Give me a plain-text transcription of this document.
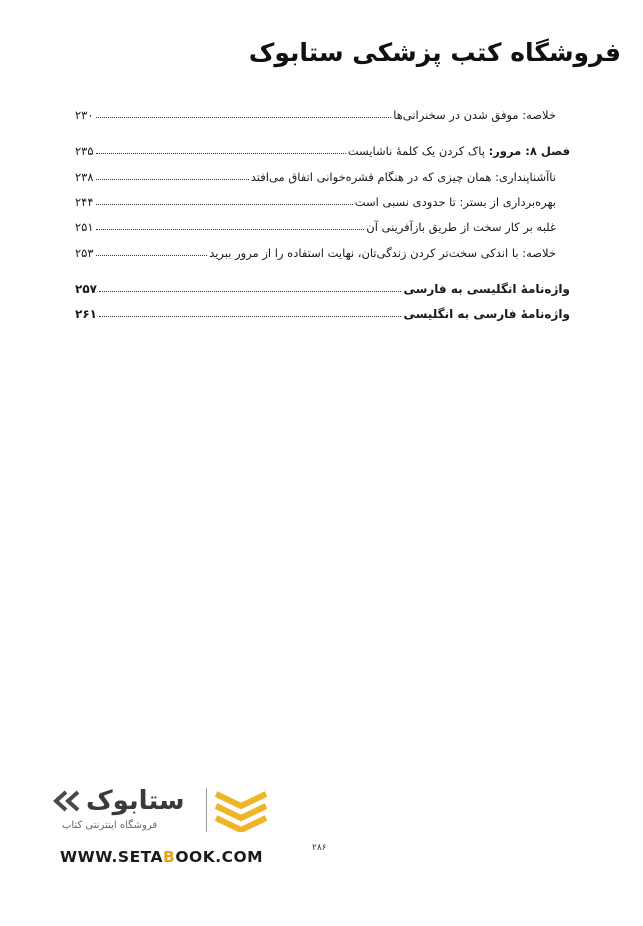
فروشگاه کتب پزشکی ستابوک
خلاصه: موفق شدن در سخنرانی‌ها
۲۳۰
فصل ۸: مرور: پاک کردن یک کلمهٔ ناشایست
۲۳۵
ناآشناپنداری: همان چیزی که در هنگام قشره‌خوانی اتفاق می‌افتد
۲۳۸
بهره‌برداری از بستر: تا حدودی نسبی است
۲۴۴
غلبه بر کار سخت از طریق بازآفرینی آن
۲۵۱
خلاصه: با اندکی سخت‌تر کردن زندگی‌تان، نهایت استفاده را از مرور ببرید
۲۵۳
واژه‌نامهٔ انگلیسی به فارسی
۲۵۷
واژه‌نامهٔ فارسی به انگلیسی
۲۶۱
ستابوک
فروشگاه اینترنتی کتاب
WWW.SETABOOK.COM	۲۸۶
